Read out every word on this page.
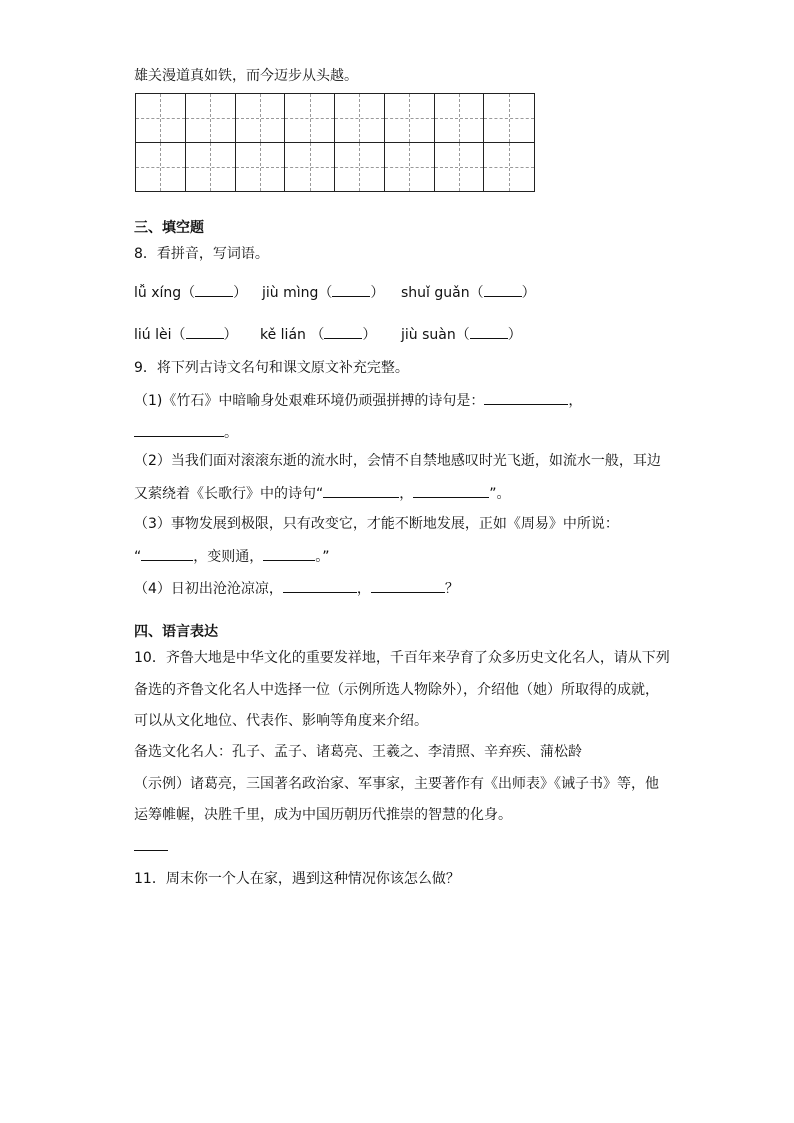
雄关漫道真如铁，而今迈步从头越。
三、填空题
8．看拼音，写词语。
lǚ xíng（	） jiù mìng（	） shuǐ guǎn（	）
liú lèi（	） kě lián （	） jiù suàn（	）
9．将下列古诗文名句和课文原文补充完整。
（1)《竹石》中暗喻身处艰难环境仍顽强拼搏的诗句是：	，
。
（2）当我们面对滚滚东逝的流水时，会情不自禁地感叹时光飞逝，如流水一般，耳边
又萦绕着《长歌行》中的诗句“	，	”。
（3）事物发展到极限，只有改变它，才能不断地发展，正如《周易》中所说：
“	，变则通，	。”
（4）日初出沧沧凉凉，	，	？
四、语言表达
10．齐鲁大地是中华文化的重要发祥地，千百年来孕育了众多历史文化名人，请从下列
备选的齐鲁文化名人中选择一位（示例所选人物除外），介绍他（她）所取得的成就，
可以从文化地位、代表作、影响等角度来介绍。
备选文化名人：孔子、孟子、诸葛亮、王羲之、李清照、辛弃疾、蒲松龄
（示例）诸葛亮，三国著名政治家、军事家，主要著作有《出师表》《诫子书》等，他
运筹帷幄，决胜千里，成为中国历朝历代推崇的智慧的化身。
11．周末你一个人在家，遇到这种情况你该怎么做？
